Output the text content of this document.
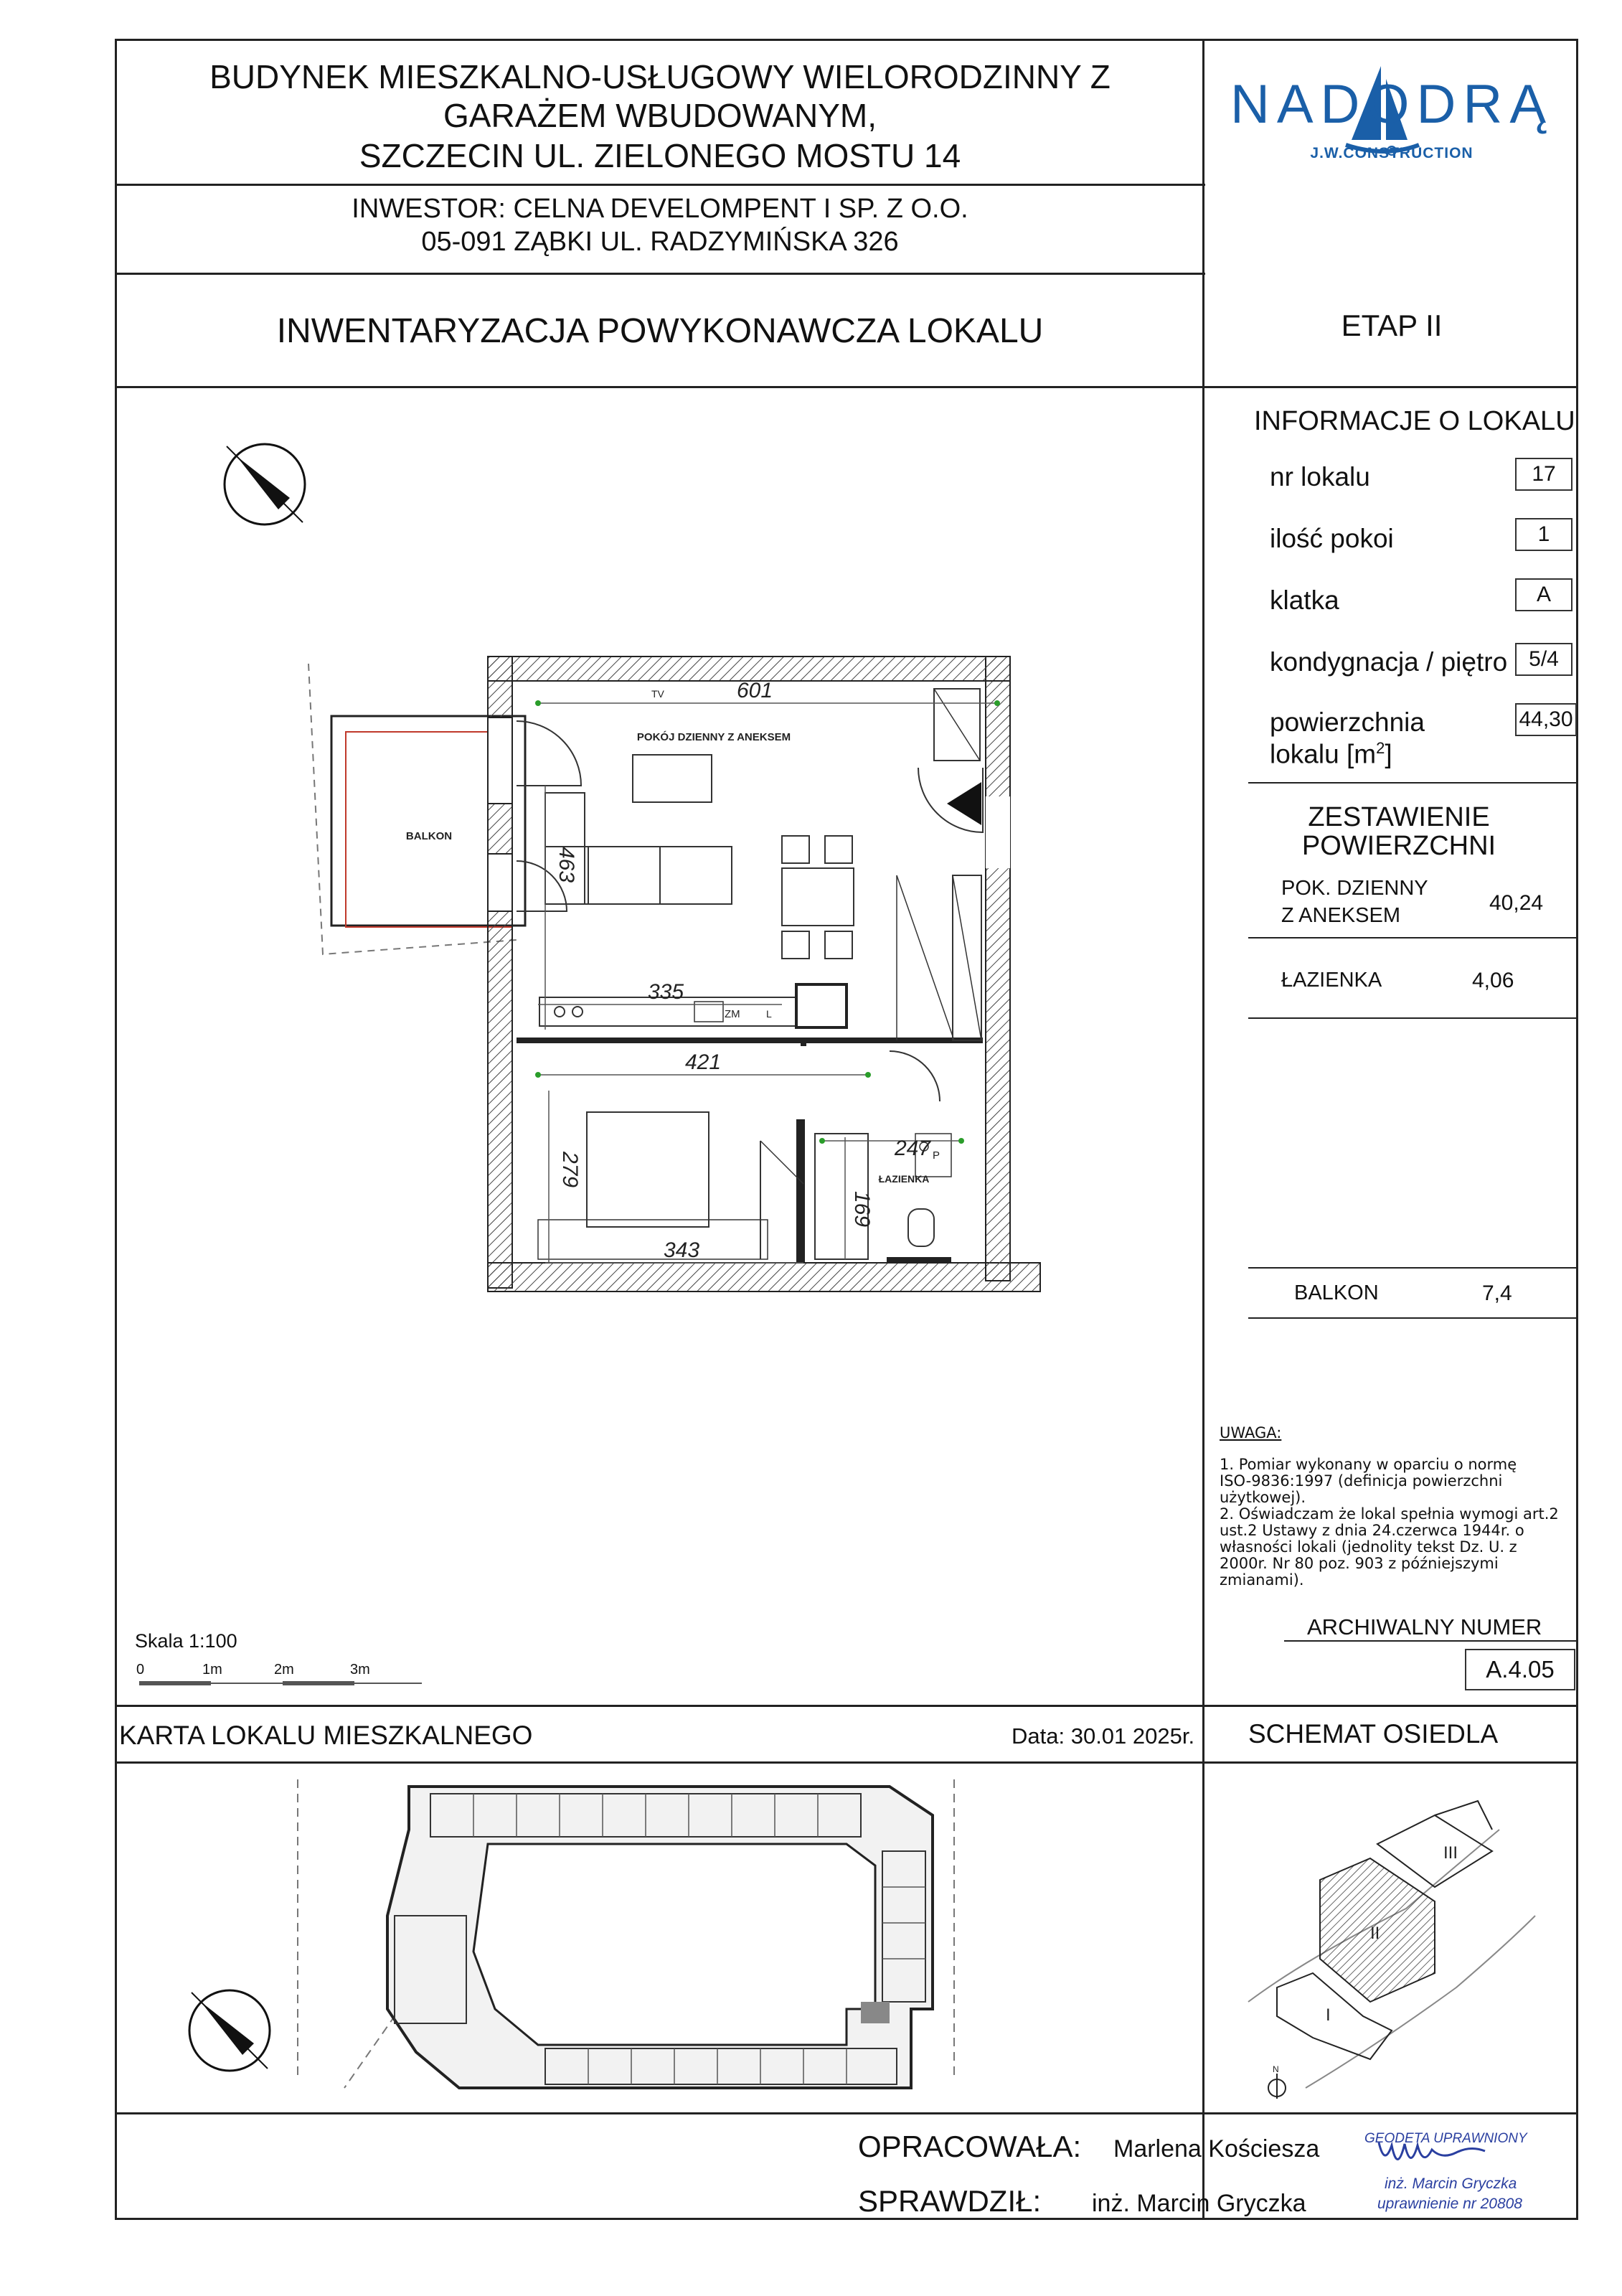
BUDYNEK MIESZKALNO-USŁUGOWY WIELORODZINNY Z
GARAŻEM WBUDOWANYM,
SZCZECIN UL. ZIELONEGO MOSTU 14
INWESTOR: CELNA DEVELOMPENT I SP. Z O.O.
05-091 ZĄBKI UL. RADZYMIŃSKA 326
INWENTARYZACJA POWYKONAWCZA LOKALU	ETAP II
NADODRĄ
J.W.CONSTRUCTION
INFORMACJE O LOKALU
nr lokalu	17
ilość pokoi	1
klatka	A
kondygnacja / piętro 5/4
powierzchnia
lokalu $[m^2]$
44,30
ZESTAWIENIE
POWIERZCHNI
POK. DZIENNY
Z ANEKSEM
40,24
ŁAZIENKA	4,06
BALKON	7,4
UWAGA:
1. Pomiar wykonany w oparciu o normę
ISO-9836:1997 (definicja powierzchni
użytkowej).
2. Oświadczam że lokal spełnia wymogi art.2
ust.2 Ustawy z dnia 24.czerwca 1944r. o
własności lokali (jednolity tekst Dz. U. z
2000r. Nr 80 poz. 903 z późniejszymi
zmianami).
ARCHIWALNY NUMER
A.4.05
Skala 1:100
0	1m	2m	3m
KARTA LOKALU MIESZKALNEGO	Data: 30.01 2025r. SCHEMAT OSIEDLA
TV
POKÓJ DZIENNY Z ANEKSEM
BALKON
ZM	L
P
ŁAZIENKA
601
463
335
421
279
343
247
169
I
II
III
N
OPRACOWAŁA: Marlena Kościesza
SPRAWDZIŁ: inż. Marcin Gryczka
GEODETA UPRAWNIONY
inż. Marcin Gryczka
uprawnienie nr 20808
